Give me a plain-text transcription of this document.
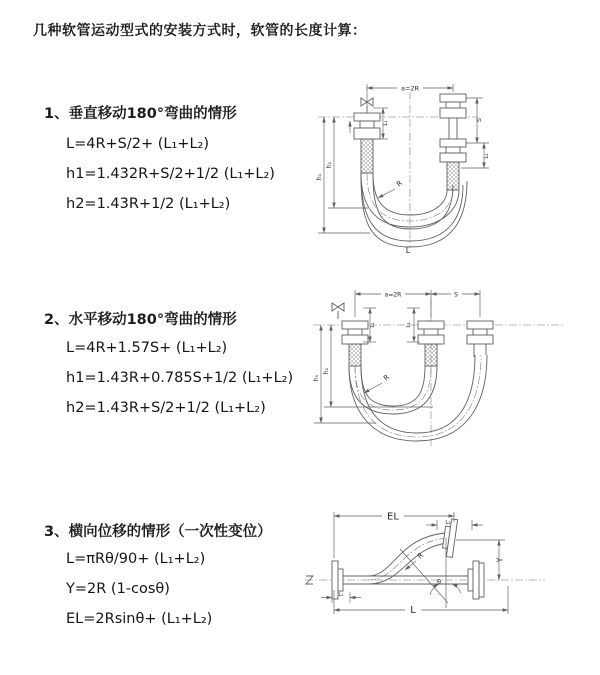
几种软管运动型式的安装方式时，软管的长度计算：
1、垂直移动180°弯曲的情形
L=4R+S/2+ (L₁+L₂)
h1=1.432R+S/2+1/2 (L₁+L₂)
h2=1.43R+1/2 (L₁+L₂)
a=2R
h₁
h₂
L₁
S
L₂
R
L
2、水平移动180°弯曲的情形
L=4R+1.57S+ (L₁+L₂)
h1=1.43R+0.785S+1/2 (L₁+L₂)
h2=1.43R+S/2+1/2 (L₁+L₂)
a=2R	S
h₁
h₂
L₁	L₂
R
3、横向位移的情形（一次性变位）
L=πRθ/90+ (L₁+L₂)
Y=2R (1-cosθ)
EL=2Rsinθ+ (L₁+L₂)
EL
L₂
Y
R
θ
L
L₁
